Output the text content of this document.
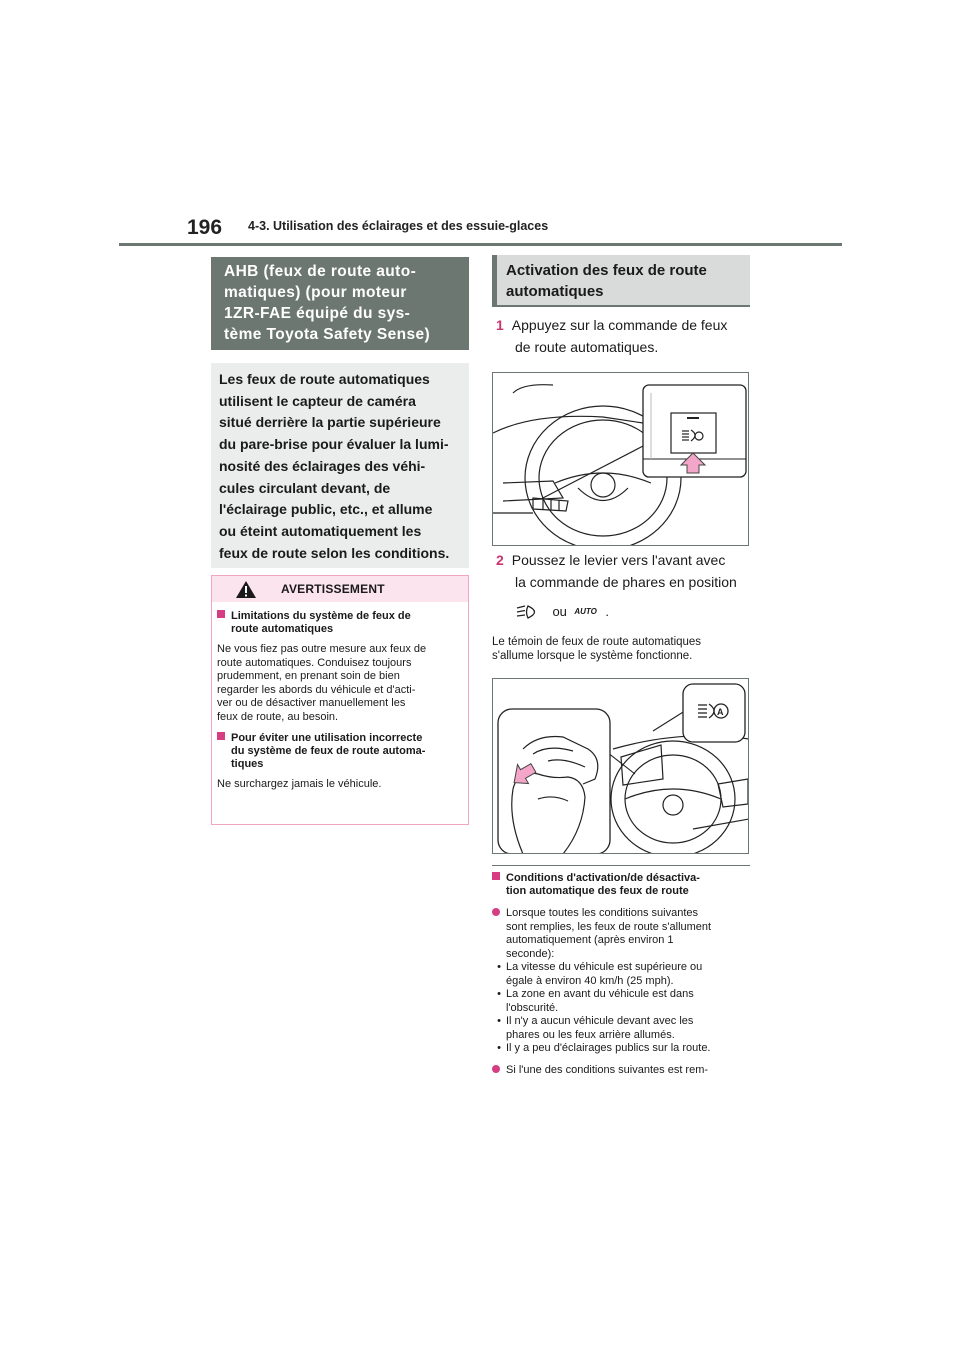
196 4-3. Utilisation des éclairages et des essuie-glaces
AHB (feux de route auto-
matiques) (pour moteur
1ZR-FAE équipé du sys-
tème Toyota Safety Sense)
Les feux de route automatiques
utilisent le capteur de caméra
situé derrière la partie supérieure
du pare-brise pour évaluer la lumi-
nosité des éclairages des véhi-
cules circulant devant, de
l'éclairage public, etc., et allume
ou éteint automatiquement les
feux de route selon les conditions.
AVERTISSEMENT
Limitations du système de feux de
route automatiques
Ne vous fiez pas outre mesure aux feux de
route automatiques. Conduisez toujours
prudemment, en prenant soin de bien
regarder les abords du véhicule et d'acti-
ver ou de désactiver manuellement les
feux de route, au besoin.
Pour éviter une utilisation incorrecte
du système de feux de route automa-
tiques
Ne surchargez jamais le véhicule.
Activation des feux de route
automatiques
1 Appuyez sur la commande de feux
de route automatiques.
2 Poussez le levier vers l'avant avec
la commande de phares en position
ou AUTO .
Le témoin de feux de route automatiques
s'allume lorsque le système fonctionne.
A
Conditions d'activation/de désactiva-
tion automatique des feux de route
Lorsque toutes les conditions suivantes
sont remplies, les feux de route s'allument
automatiquement (après environ 1
seconde):
• La vitesse du véhicule est supérieure ou
égale à environ 40 km/h (25 mph).
• La zone en avant du véhicule est dans
l'obscurité.
• Il n'y a aucun véhicule devant avec les
phares ou les feux arrière allumés.
• Il y a peu d'éclairages publics sur la route.
Si l'une des conditions suivantes est rem-
